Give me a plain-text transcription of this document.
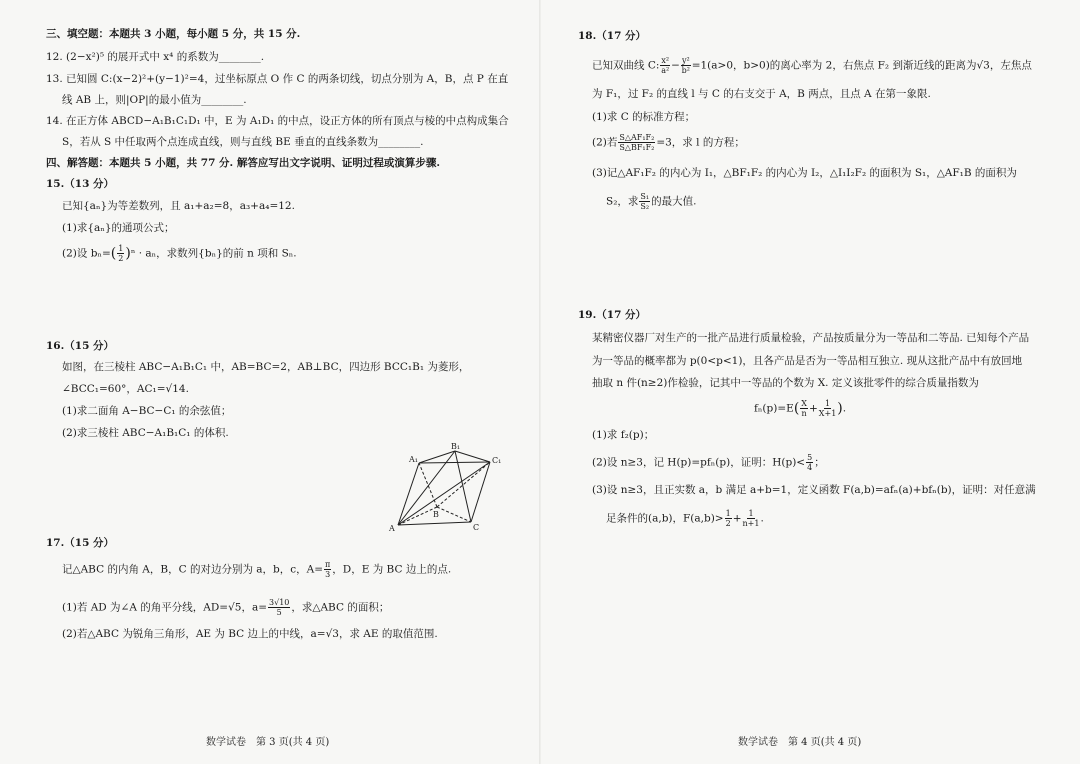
三、填空题：本题共 3 小题，每小题 5 分，共 15 分.
12. (2−x²)⁵ 的展开式中 x⁴ 的系数为________.
13. 已知圆 C:(x−2)²+(y−1)²=4，过坐标原点 O 作 C 的两条切线，切点分别为 A，B，点 P 在直
线 AB 上，则|OP|的最小值为________.
14. 在正方体 ABCD−A₁B₁C₁D₁ 中，E 为 A₁D₁ 的中点，设正方体的所有顶点与棱的中点构成集合
S，若从 S 中任取两个点连成直线，则与直线 BE 垂直的直线条数为________.
四、解答题：本题共 5 小题，共 77 分. 解答应写出文字说明、证明过程或演算步骤.
15.（13 分）
已知{aₙ}为等差数列，且 a₁+a₂=8，a₃+a₄=12.
(1)求{aₙ}的通项公式；
(2)设 $b_n=( \frac{1}{2} )^n \cdot a_n$，求数列{bₙ}的前 n 项和 Sₙ.
16.（15 分）
如图，在三棱柱 ABC−A₁B₁C₁ 中，AB=BC=2，AB⊥BC，四边形 BCC₁B₁ 为菱形，
∠BCC₁=60°，AC₁=√14.
(1)求二面角 A−BC−C₁ 的余弦值；
(2)求三棱柱 ABC−A₁B₁C₁ 的体积.
A₁
B₁
C₁
A
B
C
17.（15 分）
记△ABC 的内角 A，B，C 的对边分别为 a，b，c，$A= \frac{\pi}{3}$ ，D，E 为 BC 边上的点.
(1)若 AD 为∠A 的角平分线，AD=√5，$a= \frac{3√10}{5}$ ，求△ABC 的面积；
(2)若△ABC 为锐角三角形，AE 为 BC 边上的中线，a=√3，求 AE 的取值范围.
数学试卷　第 3 页(共 4 页)
18.（17 分）
已知双曲线 C: $\frac{\text{x²}}{\text{a²}} - \frac{\text{y²}}{\text{b²}} =1(a>0$，b>0)的离心率为 2，右焦点 F₂ 到渐近线的距离为√3，左焦点
为 F₁，过 F₂ 的直线 l 与 C 的右支交于 A，B 两点，且点 A 在第一象限.
(1)求 C 的标准方程；
(2)若 $\frac{\text{S△AF₁F₂}}{\text{S△BF₁F₂}} =3$，求 l 的方程；
(3)记△AF₁F₂ 的内心为 I₁，△BF₁F₂ 的内心为 I₂，△I₁I₂F₂ 的面积为 S₁，△AF₁B 的面积为
S₂，求 $\frac{\text{S₁}}{\text{S₂}}$ 的最大值.
19.（17 分）
某精密仪器厂对生产的一批产品进行质量检验，产品按质量分为一等品和二等品. 已知每个产品
为一等品的概率都为 p(0<p<1)，且各产品是否为一等品相互独立. 现从这批产品中有放回地
抽取 n 件(n≥2)作检验，记其中一等品的个数为 X. 定义该批零件的综合质量指数为
$f_n(p)=E( \frac{X}{n} + \frac{1}{X+1}$ ).
(1)求 f₂(p)；
(2)设 n≥3，记 H(p)=pfₙ(p)，证明：$H(p)< \frac{5}{4}$ ；
(3)设 n≥3，且正实数 a，b 满足 a+b=1，定义函数 F(a,b)=afₙ(a)+bfₙ(b)，证明：对任意满
足条件的(a,b)，$F(a,b)> \frac{1}{2} + \frac{1}{n+1}$ .
数学试卷　第 4 页(共 4 页)
